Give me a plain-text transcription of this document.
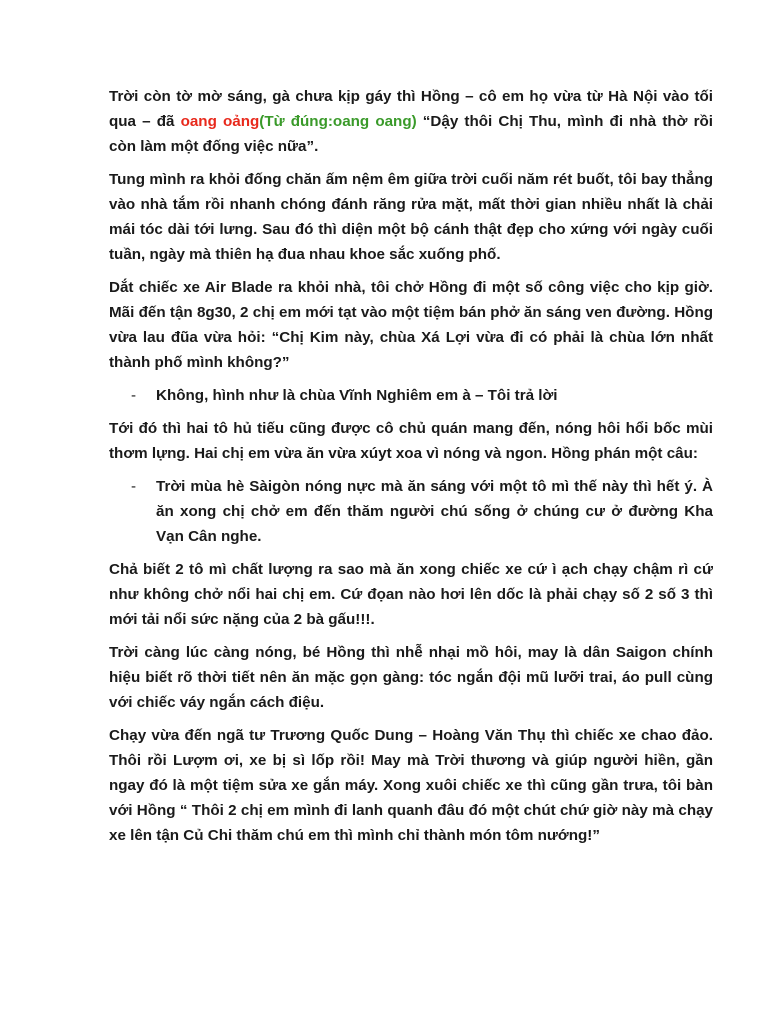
Trời còn tờ mờ sáng, gà chưa kịp gáy thì Hồng – cô em họ vừa từ Hà Nội vào tối qua – đã oang oảng(Từ đúng:oang oang) “Dậy thôi Chị Thu, mình đi nhà thờ rồi còn làm một đống việc nữa”.

Tung mình ra khỏi đống chăn ấm nệm êm giữa trời cuối năm rét buốt, tôi bay thẳng vào nhà tắm rồi nhanh chóng đánh răng rửa mặt, mất thời gian nhiều nhất là chải mái tóc dài tới lưng. Sau đó thì diện một bộ cánh thật đẹp cho xứng với ngày cuối tuần, ngày mà thiên hạ đua nhau khoe sắc xuống phố.

Dắt chiếc xe Air Blade ra khỏi nhà, tôi chở Hồng đi một số công việc cho kịp giờ. Mãi đến tận 8g30, 2 chị em mới tạt vào một tiệm bán phở ăn sáng ven đường. Hồng vừa lau đũa vừa hỏi: “Chị Kim này, chùa Xá Lợi vừa đi có phải là chùa lớn nhất thành phố mình không?”

- Không, hình như là chùa Vĩnh Nghiêm em à – Tôi trả lời

Tới đó thì hai tô hủ tiếu cũng được cô chủ quán mang đến, nóng hôi hổi bốc mùi thơm lựng. Hai chị em vừa ăn vừa xúyt xoa vì nóng và ngon. Hồng phán một câu:

- Trời mùa hè Sàigòn nóng nực mà ăn sáng với một tô mì thế này thì hết ý. À ăn xong chị chở em đến thăm người chú sống ở chúng cư ở đường Kha Vạn Cân nghe.

Chả biết 2 tô mì chất lượng ra sao mà ăn xong chiếc xe cứ ì ạch chạy chậm rì cứ như không chở nổi hai chị em. Cứ đọan nào hơi lên dốc là phải chạy số 2 số 3 thì mới tải nổi sức nặng của 2 bà gấu!!!.

Trời càng lúc càng nóng, bé Hồng thì nhễ nhại mồ hôi, may là dân Saigon chính hiệu biết rõ thời tiết nên ăn mặc gọn gàng: tóc ngắn đội mũ lưỡi trai, áo pull cùng với chiếc váy ngắn cách điệu.

Chạy vừa đến ngã tư Trương Quốc Dung – Hoàng Văn Thụ thì chiếc xe chao đảo. Thôi rồi Lượm ơi, xe bị sì lốp rồi! May mà Trời thương và giúp người hiền, gần ngay đó là một tiệm sửa xe gắn máy. Xong xuôi chiếc xe thì cũng gần trưa, tôi bàn với Hồng “ Thôi 2 chị em mình đi lanh quanh đâu đó một chút chứ giờ này mà chạy xe lên tận Củ Chi thăm chú em thì mình chỉ thành món tôm nướng!”
